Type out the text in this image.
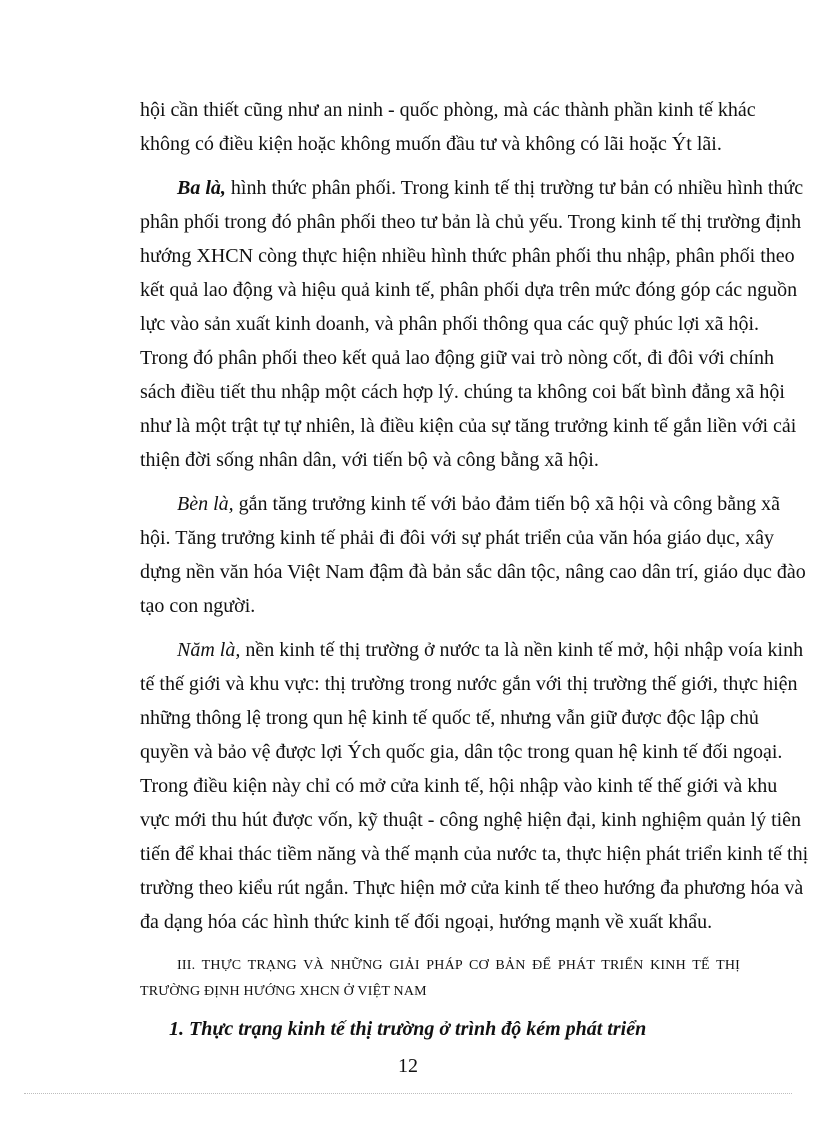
hội cần thiết cũng như an ninh - quốc phòng, mà các thành phần kinh tế khác
không có điều kiện hoặc không muốn đầu tư và không có lãi hoặc Ýt lãi.
Ba là, hình thức phân phối. Trong kinh tế thị trường tư bản có nhiều hình thức
phân phối trong đó phân phối theo tư bản là chủ yếu. Trong kinh tế thị trường định
hướng XHCN còng thực hiện nhiều hình thức phân phối thu nhập, phân phối theo
kết quả lao động và hiệu quả kinh tế, phân phối dựa trên mức đóng góp các nguồn
lực vào sản xuất kinh doanh, và phân phối thông qua các quỹ phúc lợi xã hội.
Trong đó phân phối theo kết quả lao động giữ vai trò nòng cốt, đi đôi với chính
sách điều tiết thu nhập một cách hợp lý. chúng ta không coi bất bình đẳng xã hội
như là một trật tự tự nhiên, là điều kiện của sự tăng trưởng kinh tế gắn liền với cải
thiện đời sống nhân dân, với tiến bộ và công bằng xã hội.
Bèn là, gắn tăng trưởng kinh tế với bảo đảm tiến bộ xã hội và công bằng xã
hội. Tăng trưởng kinh tế phải đi đôi với sự phát triển của văn hóa giáo dục, xây
dựng nền văn hóa Việt Nam đậm đà bản sắc dân tộc, nâng cao dân trí, giáo dục đào
tạo con người.
Năm là, nền kinh tế thị trường ở nước ta là nền kinh tế mở, hội nhập voía kinh
tế thế giới và khu vực: thị trường trong nước gắn với thị trường thế giới, thực hiện
những thông lệ trong qun hệ kinh tế quốc tế, nhưng vẫn giữ được độc lập chủ
quyền và bảo vệ được lợi Ých quốc gia, dân tộc trong quan hệ kinh tế đối ngoại.
Trong điều kiện này chỉ có mở cửa kinh tế, hội nhập vào kinh tế thế giới và khu
vực mới thu hút được vốn, kỹ thuật - công nghệ hiện đại, kinh nghiệm quản lý tiên
tiến để khai thác tiềm năng và thế mạnh của nước ta, thực hiện phát triển kinh tế thị
trường theo kiểu rút ngắn. Thực hiện mở cửa kinh tế theo hướng đa phương hóa và
đa dạng hóa các hình thức kinh tế đối ngoại, hướng mạnh về xuất khẩu.
III. THỰC TRẠNG VÀ NHỮNG GIẢI PHÁP CƠ BẢN ĐỂ PHÁT TRIỂN KINH TẾ THỊ
TRƯỜNG ĐỊNH HƯỚNG XHCN Ở VIỆT NAM
1. Thực trạng kinh tế thị trường ở trình độ kém phát triển
12
